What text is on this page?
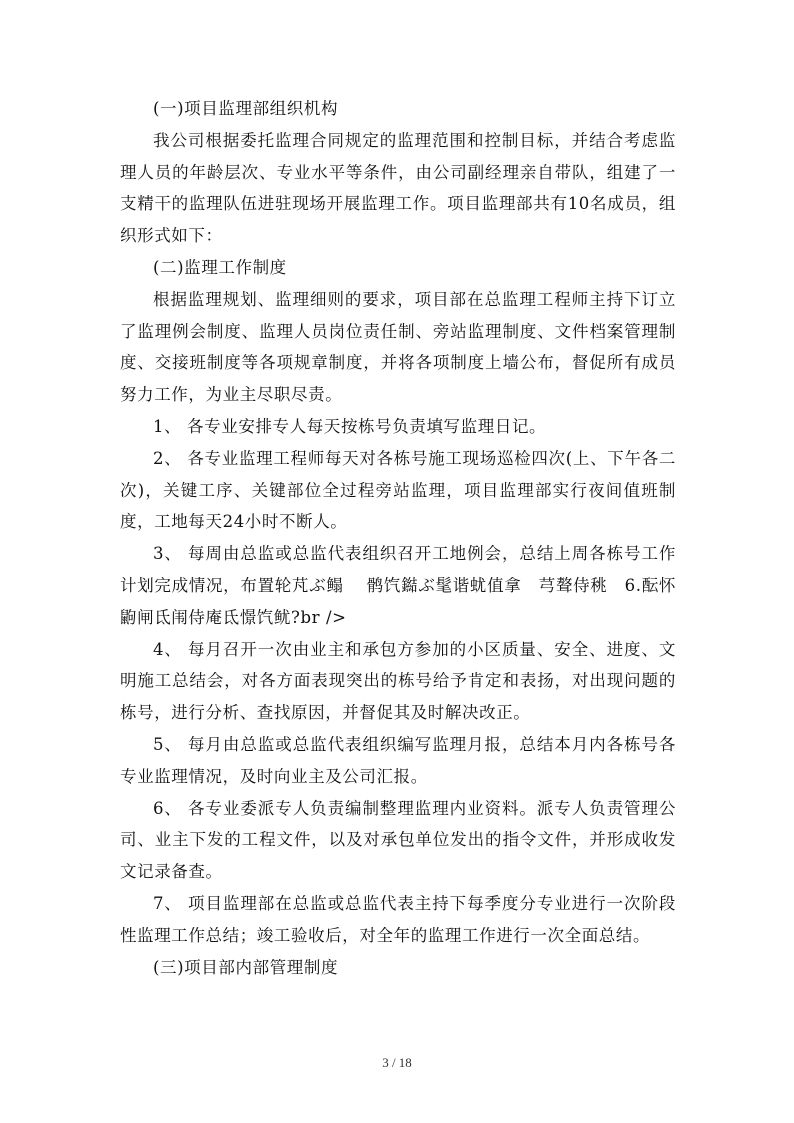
(一)项目监理部组织机构

我公司根据委托监理合同规定的监理范围和控制目标，并结合考虑监理人员的年龄层次、专业水平等条件，由公司副经理亲自带队，组建了一支精干的监理队伍进驻现场开展监理工作。项目监理部共有10名成员，组织形式如下：

(二)监理工作制度

根据监理规划、监理细则的要求，项目部在总监理工程师主持下订立了监理例会制度、监理人员岗位责任制、旁站监理制度、文件档案管理制度、交接班制度等各项规章制度，并将各项制度上墙公布，督促所有成员努力工作，为业主尽职尽责。

1、 各专业安排专人每天按栋号负责填写监理日记。

2、 各专业监理工程师每天对各栋号施工现场巡检四次(上、下午各二次)，关键工序、关键部位全过程旁站监理，项目监理部实行夜间值班制度，工地每天24小时不断人。

3、 每周由总监或总监代表组织召开工地例会，总结上周各栋号工作计划完成情况，布置轮芃ぶ鳎　 鹘饩鐑ぶ髦谐蚘值拿　芎聱侍䄻　6.酝怀鼩闸氐闱侍庵氐憬饩鱿?br />

4、 每月召开一次由业主和承包方参加的小区质量、安全、进度、文明施工总结会，对各方面表现突出的栋号给予肯定和表扬，对出现问题的栋号，进行分析、查找原因，并督促其及时解决改正。

5、 每月由总监或总监代表组织编写监理月报，总结本月内各栋号各专业监理情况，及时向业主及公司汇报。

6、 各专业委派专人负责编制整理监理内业资料。派专人负责管理公司、业主下发的工程文件，以及对承包单位发出的指令文件，并形成收发文记录备查。

7、 项目监理部在总监或总监代表主持下每季度分专业进行一次阶段性监理工作总结；竣工验收后，对全年的监理工作进行一次全面总结。

(三)项目部内部管理制度

3 / 18
